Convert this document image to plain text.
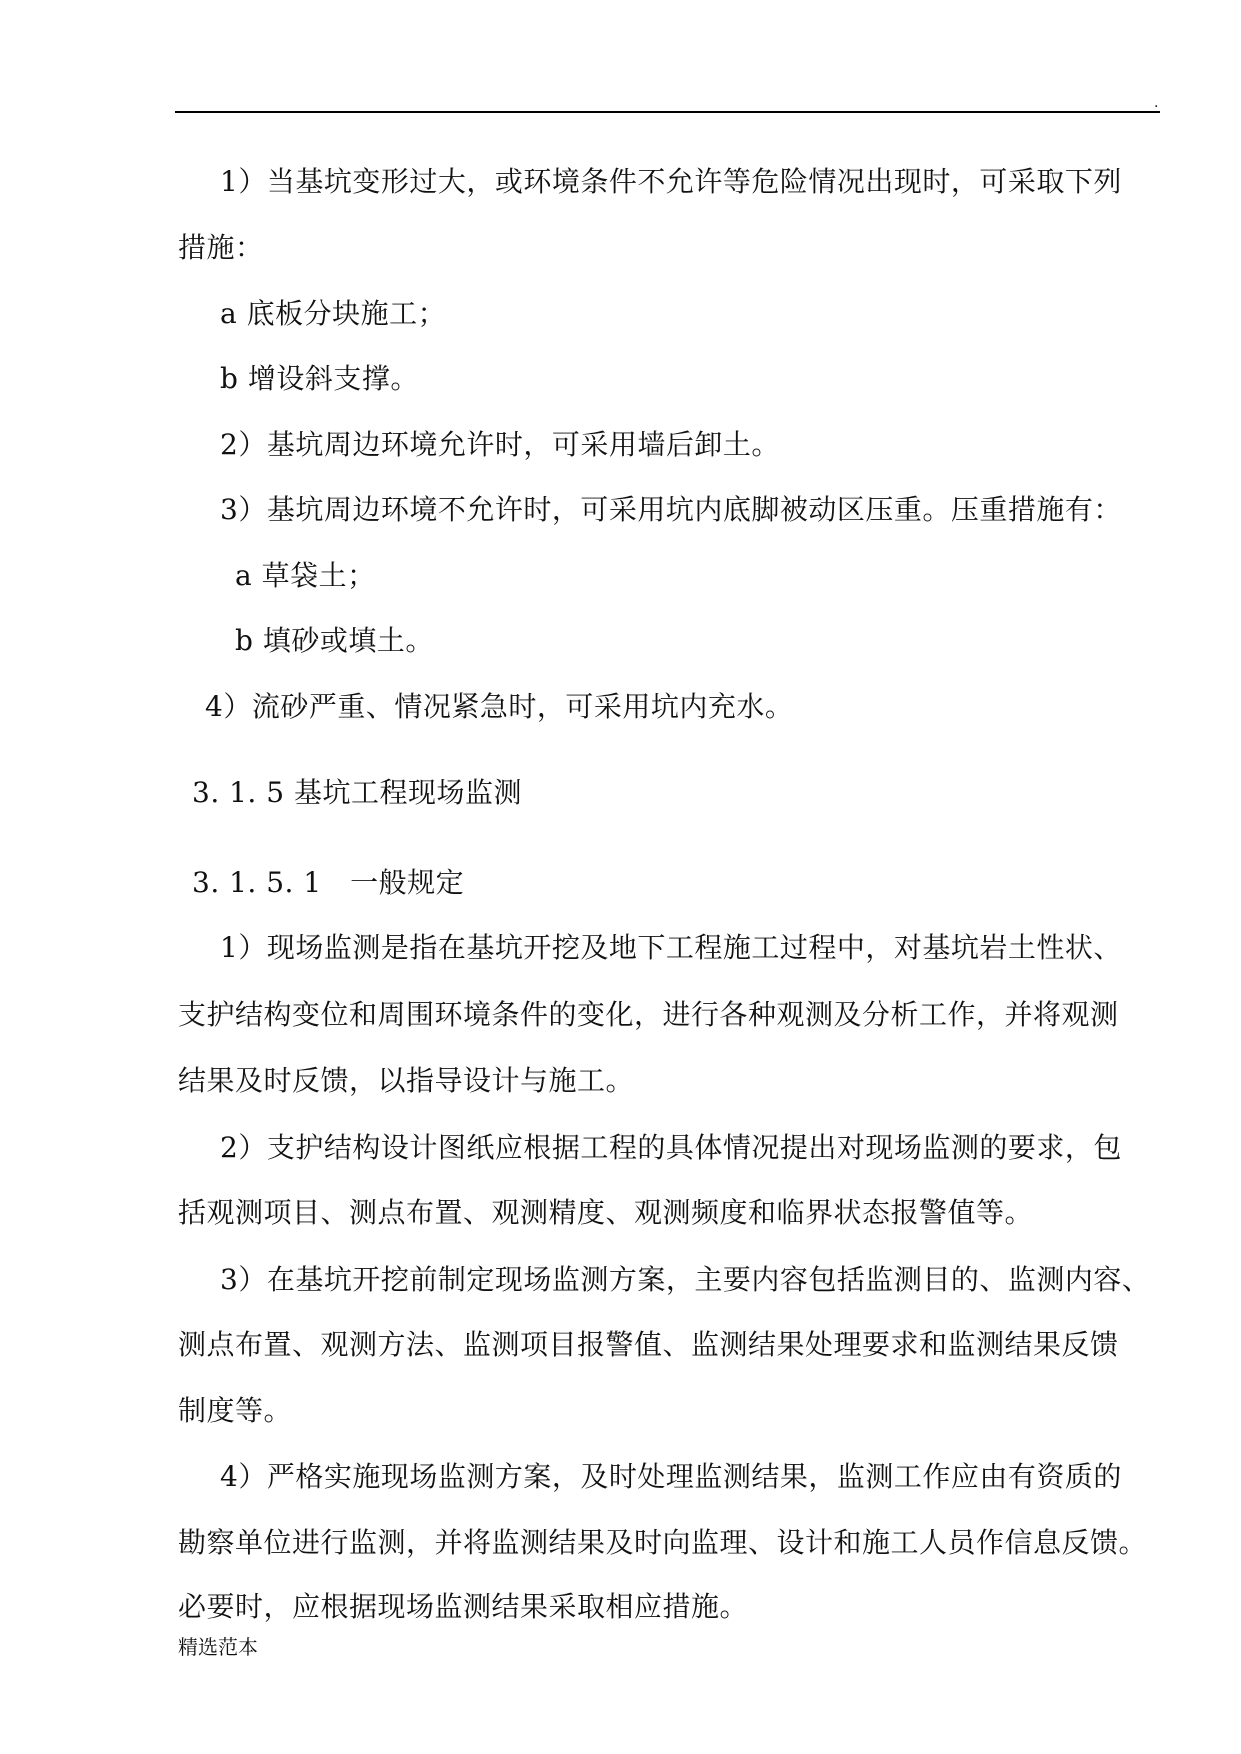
.
1）当基坑变形过大，或环境条件不允许等危险情况出现时，可采取下列
措施：
a 底板分块施工；
b 增设斜支撑。
2）基坑周边环境允许时，可采用墙后卸土。
3）基坑周边环境不允许时，可采用坑内底脚被动区压重。压重措施有：
a 草袋土；
b 填砂或填土。
4）流砂严重、情况紧急时，可采用坑内充水。
3. 1. 5 基坑工程现场监测
3. 1. 5. 1　一般规定
1）现场监测是指在基坑开挖及地下工程施工过程中，对基坑岩土性状、
支护结构变位和周围环境条件的变化，进行各种观测及分析工作，并将观测
结果及时反馈，以指导设计与施工。
2）支护结构设计图纸应根据工程的具体情况提出对现场监测的要求，包
括观测项目、测点布置、观测精度、观测频度和临界状态报警值等。
3）在基坑开挖前制定现场监测方案，主要内容包括监测目的、监测内容、
测点布置、观测方法、监测项目报警值、监测结果处理要求和监测结果反馈
制度等。
4）严格实施现场监测方案，及时处理监测结果，监测工作应由有资质的
勘察单位进行监测，并将监测结果及时向监理、设计和施工人员作信息反馈。
必要时，应根据现场监测结果采取相应措施。
精选范本
